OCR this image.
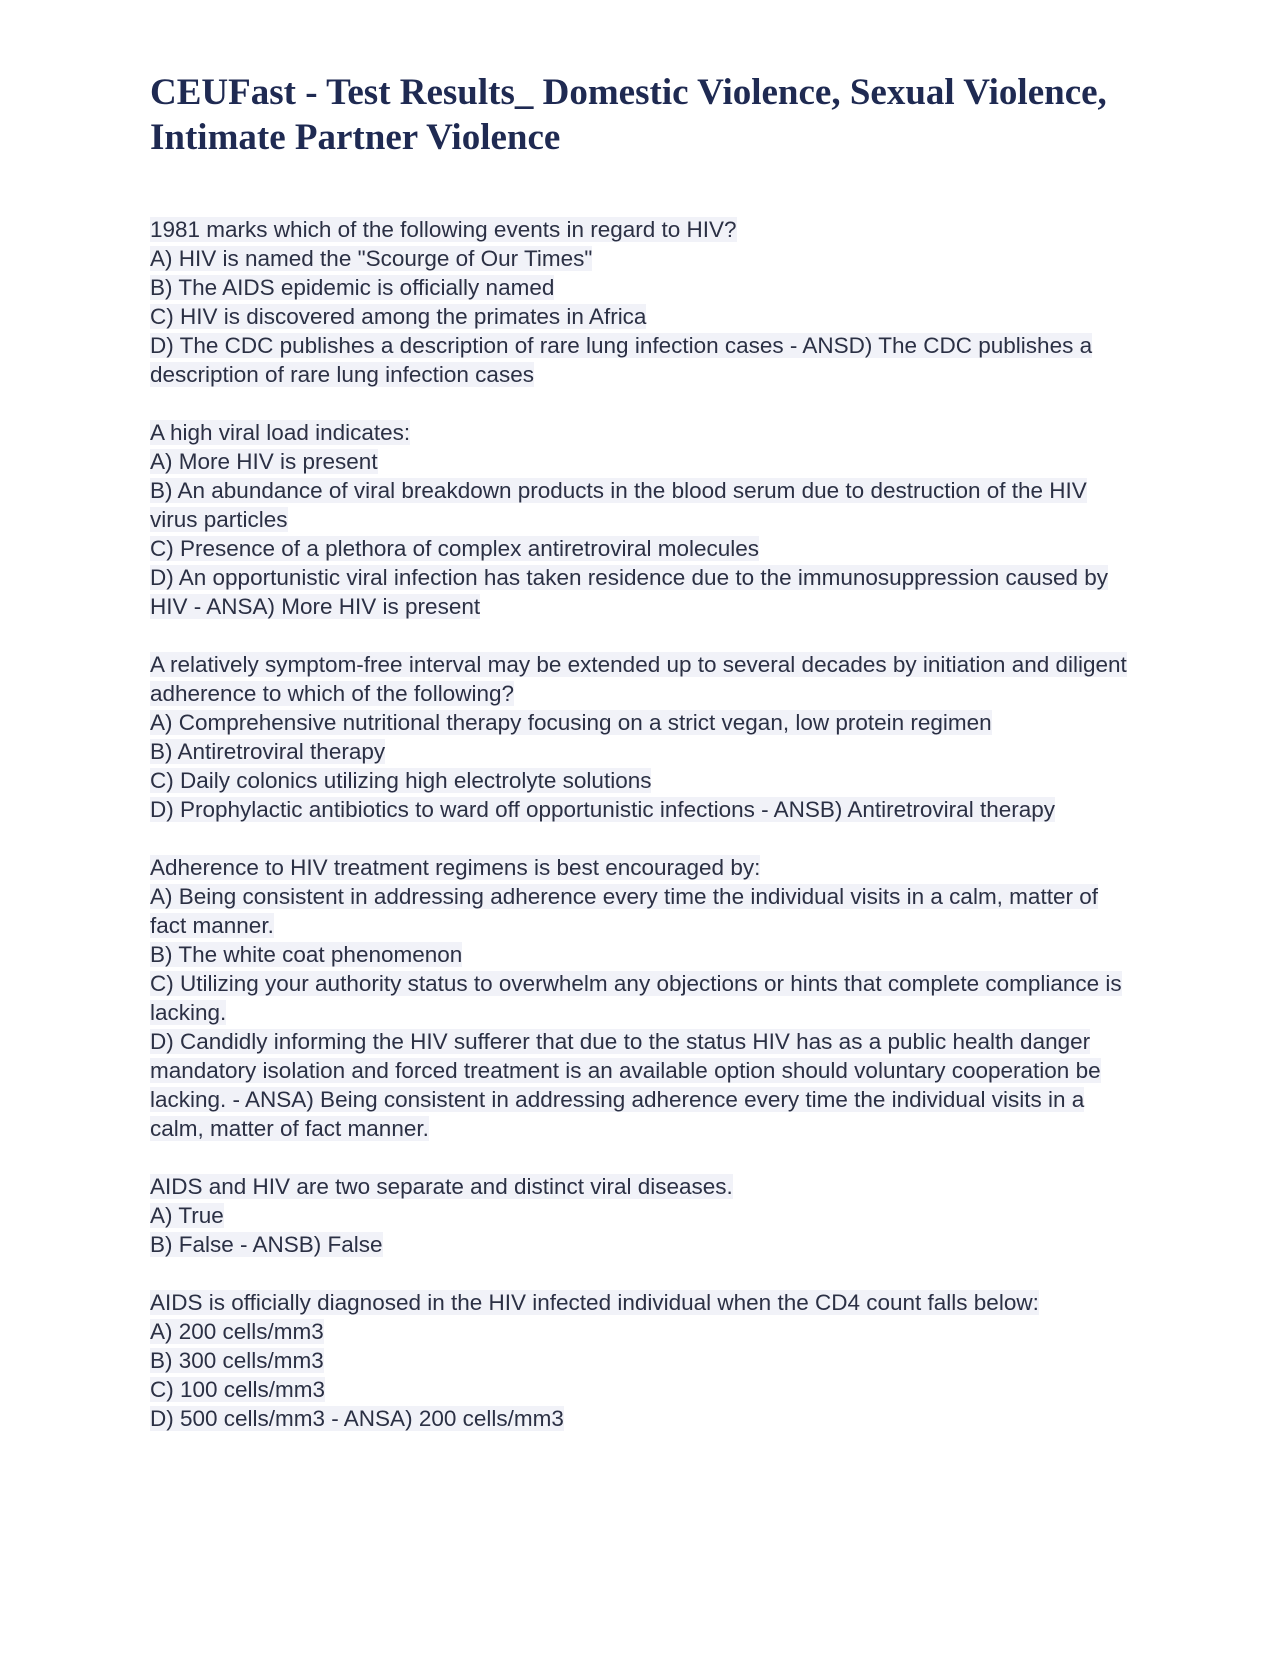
CEUFast - Test Results_ Domestic Violence, Sexual Violence, Intimate Partner Violence
1981 marks which of the following events in regard to HIV?
A) HIV is named the "Scourge of Our Times"
B) The AIDS epidemic is officially named
C) HIV is discovered among the primates in Africa
D) The CDC publishes a description of rare lung infection cases - ANSD) The CDC publishes a description of rare lung infection cases
A high viral load indicates:
A) More HIV is present
B) An abundance of viral breakdown products in the blood serum due to destruction of the HIV virus particles
C) Presence of a plethora of complex antiretroviral molecules
D) An opportunistic viral infection has taken residence due to the immunosuppression caused by HIV - ANSA) More HIV is present
A relatively symptom-free interval may be extended up to several decades by initiation and diligent adherence to which of the following?
A) Comprehensive nutritional therapy focusing on a strict vegan, low protein regimen
B) Antiretroviral therapy
C) Daily colonics utilizing high electrolyte solutions
D) Prophylactic antibiotics to ward off opportunistic infections - ANSB) Antiretroviral therapy
Adherence to HIV treatment regimens is best encouraged by:
A) Being consistent in addressing adherence every time the individual visits in a calm, matter of fact manner.
B) The white coat phenomenon
C) Utilizing your authority status to overwhelm any objections or hints that complete compliance is lacking.
D) Candidly informing the HIV sufferer that due to the status HIV has as a public health danger mandatory isolation and forced treatment is an available option should voluntary cooperation be lacking. - ANSA) Being consistent in addressing adherence every time the individual visits in a calm, matter of fact manner.
AIDS and HIV are two separate and distinct viral diseases.
A) True
B) False - ANSB) False
AIDS is officially diagnosed in the HIV infected individual when the CD4 count falls below:
A) 200 cells/mm3
B) 300 cells/mm3
C) 100 cells/mm3
D) 500 cells/mm3 - ANSA) 200 cells/mm3
